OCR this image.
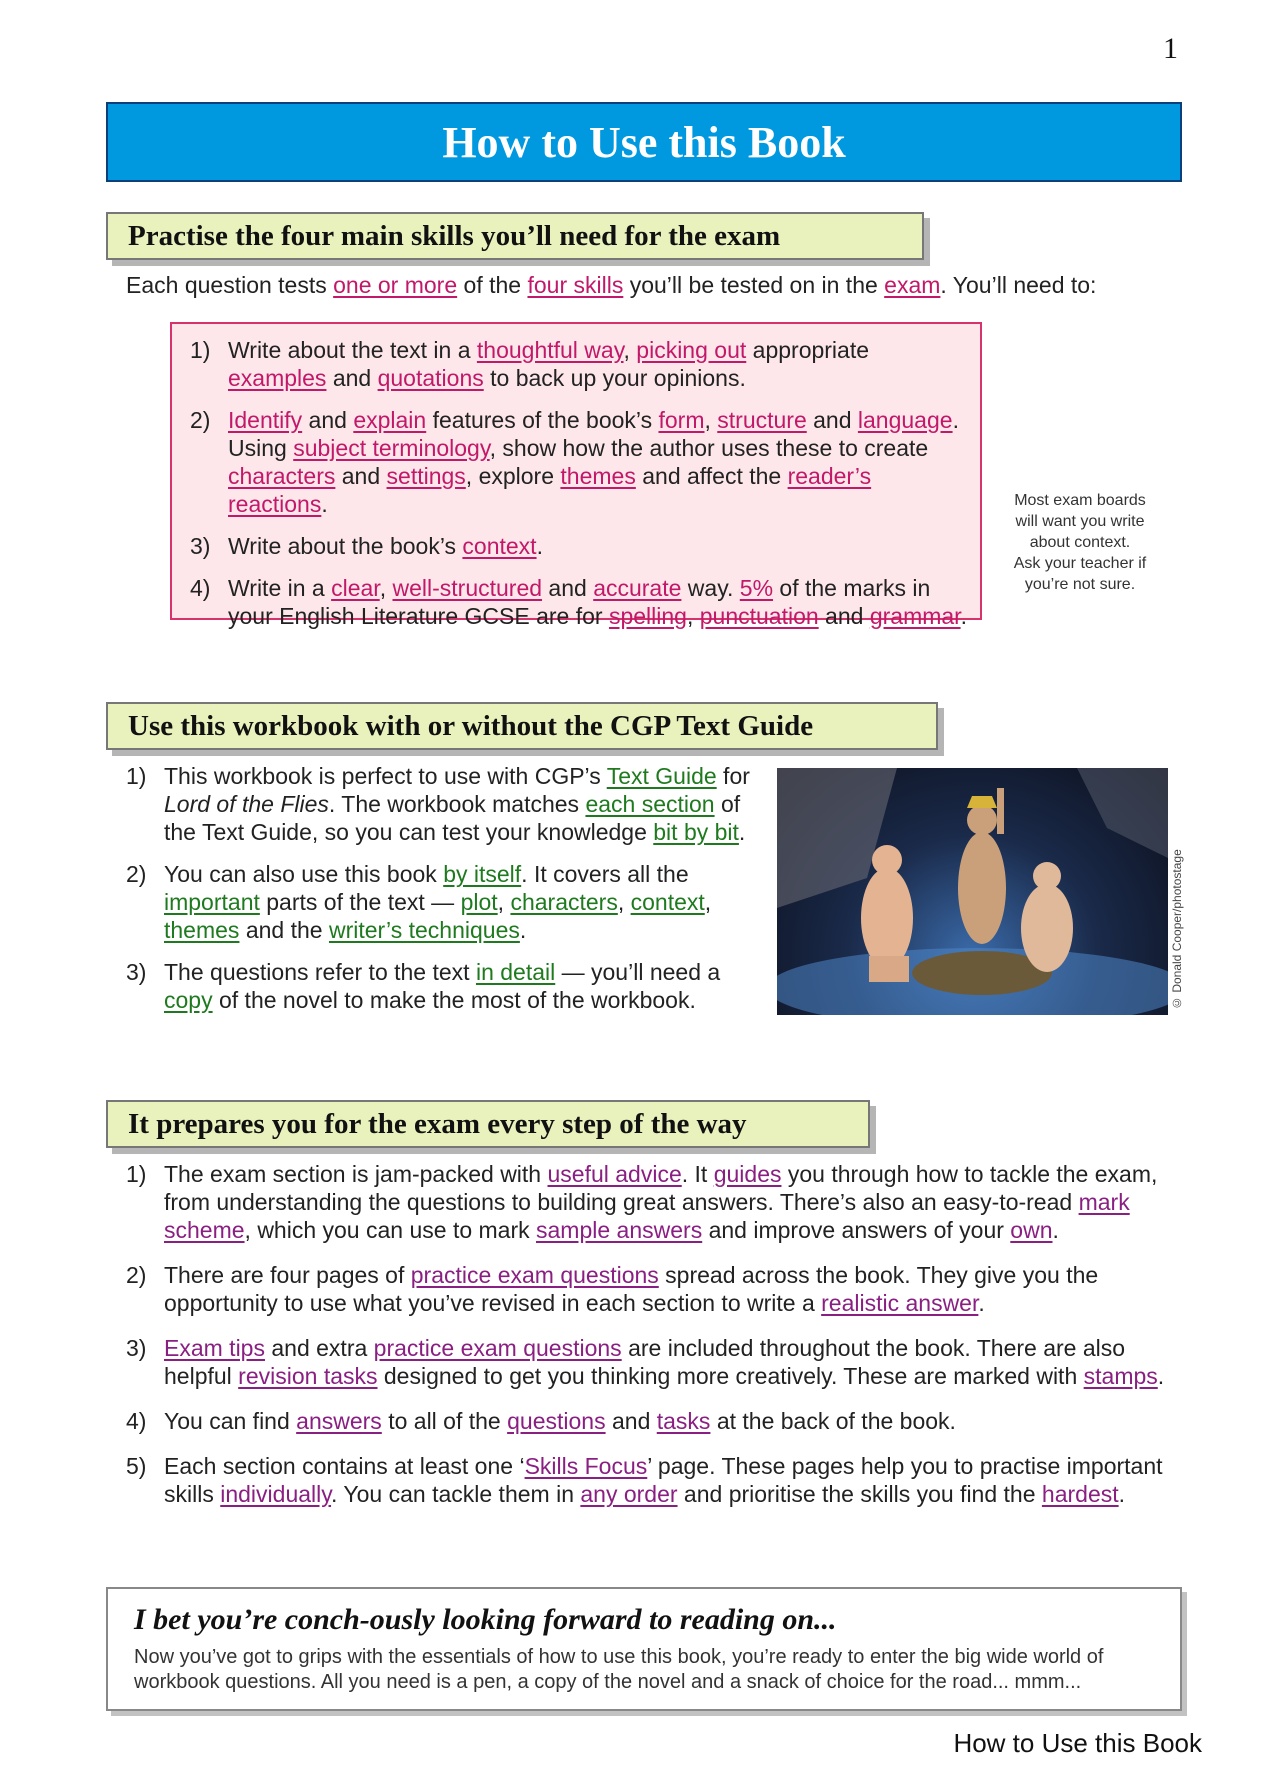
1
How to Use this Book
Practise the four main skills you’ll need for the exam
Each question tests one or more of the four skills you’ll be tested on in the exam. You’ll need to:
1) Write about the text in a thoughtful way, picking out appropriate examples and quotations to back up your opinions.
2) Identify and explain features of the book’s form, structure and language. Using subject terminology, show how the author uses these to create characters and settings, explore themes and affect the reader’s reactions.
3) Write about the book’s context.
4) Write in a clear, well-structured and accurate way. 5% of the marks in your English Literature GCSE are for spelling, punctuation and grammar.
Most exam boards
will want you write
about context.
Ask your teacher if
you’re not sure.
Use this workbook with or without the CGP Text Guide
1) This workbook is perfect to use with CGP’s Text Guide for Lord of the Flies. The workbook matches each section of the Text Guide, so you can test your knowledge bit by bit.
2) You can also use this book by itself. It covers all the important parts of the text — plot, characters, context, themes and the writer’s techniques.
3) The questions refer to the text in detail — you’ll need a copy of the novel to make the most of the workbook.	© Donald Cooper/photostage
It prepares you for the exam every step of the way
1) The exam section is jam-packed with useful advice. It guides you through how to tackle the exam, from understanding the questions to building great answers. There’s also an easy-to-read mark scheme, which you can use to mark sample answers and improve answers of your own.
2) There are four pages of practice exam questions spread across the book. They give you the opportunity to use what you’ve revised in each section to write a realistic answer.
3) Exam tips and extra practice exam questions are included throughout the book. There are also helpful revision tasks designed to get you thinking more creatively. These are marked with stamps.
4) You can find answers to all of the questions and tasks at the back of the book.
5) Each section contains at least one ‘Skills Focus’ page. These pages help you to practise important skills individually. You can tackle them in any order and prioritise the skills you find the hardest.
I bet you’re conch-ously looking forward to reading on...
Now you’ve got to grips with the essentials of how to use this book, you’re ready to enter the big wide world of workbook questions. All you need is a pen, a copy of the novel and a snack of choice for the road... mmm...
How to Use this Book
